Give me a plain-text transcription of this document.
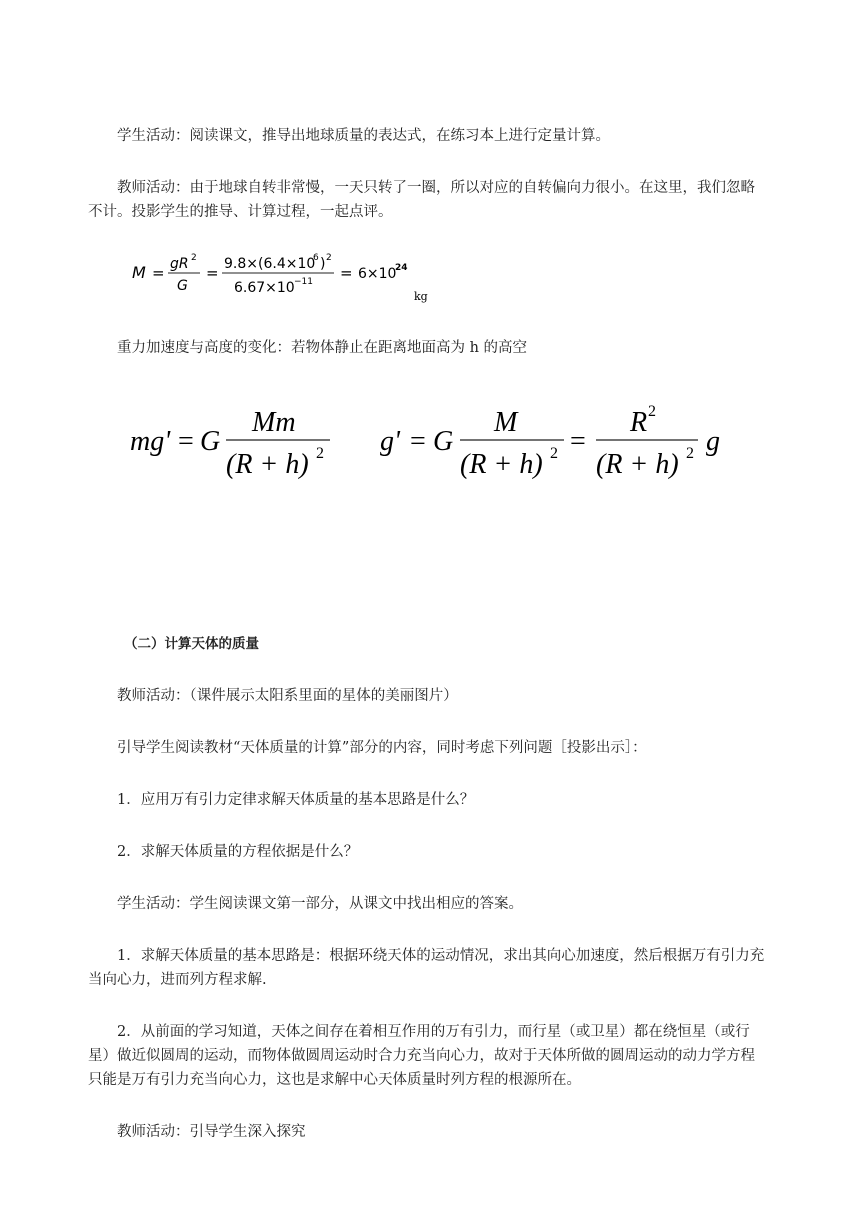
学生活动：阅读课文，推导出地球质量的表达式，在练习本上进行定量计算。

教师活动：由于地球自转非常慢，一天只转了一圈，所以对应的自转偏向力很小。在这里，我们忽略不计。投影学生的推导、计算过程，一起点评。

M = gR 2
G
= 9.8×(6.4×10
6 ) 2
6.67×10 −11 = 6×10
24
kg

重力加速度与高度的变化：若物体静止在距离地面高为 h 的高空

mg' = G
Mm
(R + h) 2 g' = G
M
(R + h) 2 =
R 2
(R + h) 2 g

（二）计算天体的质量

教师活动：（课件展示太阳系里面的星体的美丽图片）

引导学生阅读教材“天体质量的计算”部分的内容，同时考虑下列问题［投影出示］：

1．应用万有引力定律求解天体质量的基本思路是什么？

2．求解天体质量的方程依据是什么？

学生活动：学生阅读课文第一部分，从课文中找出相应的答案。

1．求解天体质量的基本思路是：根据环绕天体的运动情况，求出其向心加速度，然后根据万有引力充当向心力，进而列方程求解.

2．从前面的学习知道，天体之间存在着相互作用的万有引力，而行星（或卫星）都在绕恒星（或行星）做近似圆周的运动，而物体做圆周运动时合力充当向心力，故对于天体所做的圆周运动的动力学方程只能是万有引力充当向心力，这也是求解中心天体质量时列方程的根源所在。

教师活动：引导学生深入探究
